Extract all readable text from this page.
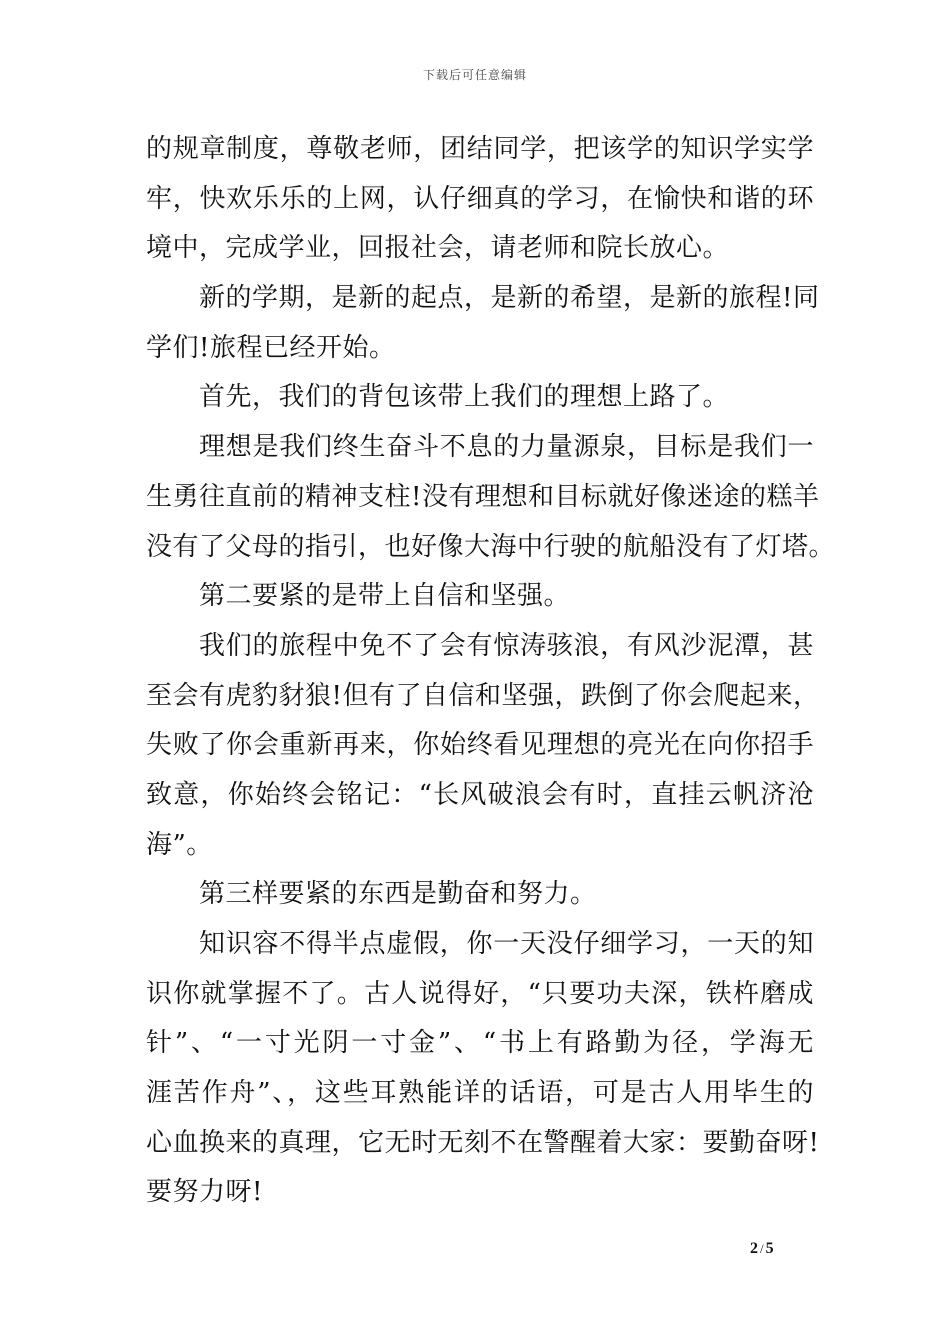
下载后可任意编辑
的规章制度，尊敬老师，团结同学，把该学的知识学实学
牢，快欢乐乐的上网，认仔细真的学习，在愉快和谐的环
境中，完成学业，回报社会，请老师和院长放心。
新的学期，是新的起点，是新的希望，是新的旅程!同
学们!旅程已经开始。
首先，我们的背包该带上我们的理想上路了。
理想是我们终生奋斗不息的力量源泉，目标是我们一
生勇往直前的精神支柱!没有理想和目标就好像迷途的糕羊
没有了父母的指引，也好像大海中行驶的航船没有了灯塔。
第二要紧的是带上自信和坚强。
我们的旅程中免不了会有惊涛骇浪，有风沙泥潭，甚
至会有虎豹豺狼!但有了自信和坚强，跌倒了你会爬起来，
失败了你会重新再来，你始终看见理想的亮光在向你招手
致意，你始终会铭记：“长风破浪会有时，直挂云帆济沧
海”。
第三样要紧的东西是勤奋和努力。
知识容不得半点虚假，你一天没仔细学习，一天的知
识你就掌握不了。古人说得好，“只要功夫深，铁杵磨成
针”、“一寸光阴一寸金”、“书上有路勤为径，学海无
涯苦作舟”、，这些耳熟能详的话语，可是古人用毕生的
心血换来的真理，它无时无刻不在警醒着大家：要勤奋呀!
要努力呀!
2 / 5
